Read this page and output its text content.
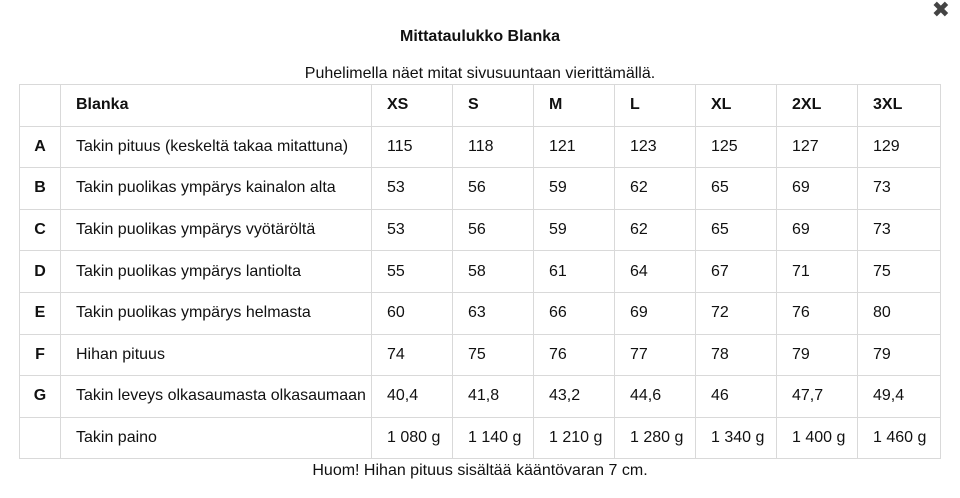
✖
Mittataulukko Blanka
Puhelimella näet mitat sivusuuntaan vierittämällä.
	Blanka	XS	S	M	L	XL	2XL	3XL
A	Takin pituus (keskeltä takaa mitattuna)	115	118	121	123	125	127	129
B	Takin puolikas ympärys kainalon alta	53	56	59	62	65	69	73
C	Takin puolikas ympärys vyötäröltä	53	56	59	62	65	69	73
D	Takin puolikas ympärys lantiolta	55	58	61	64	67	71	75
E	Takin puolikas ympärys helmasta	60	63	66	69	72	76	80
F	Hihan pituus	74	75	76	77	78	79	79
G	Takin leveys olkasaumasta olkasaumaan	40,4	41,8	43,2	44,6	46	47,7	49,4
	Takin paino	1 080 g	1 140 g	1 210 g	1 280 g	1 340 g	1 400 g	1 460 g
Huom! Hihan pituus sisältää kääntövaran 7 cm.
